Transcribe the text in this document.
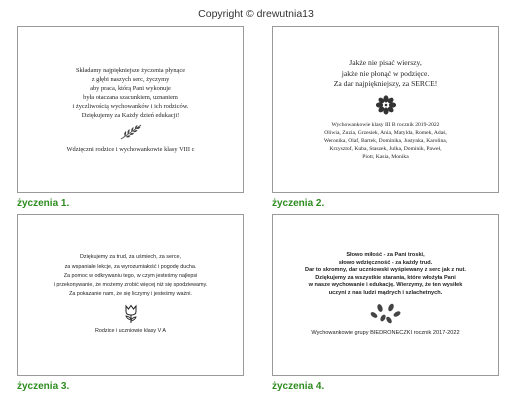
Copyright © drewutnia13
Składamy najpiękniejsze życzenia płynące
z głębi naszych serc, życzymy
aby praca, którą Pani wykonuje
była otaczana szacunkiem, uznaniem
i życzliwością wychowanków i ich rodziców.
Dziękujemy za Każdy dzień edukacji!
Wdzięczni rodzice i wychowankowie klasy VIII c
życzenia 1.
Jakże nie pisać wierszy,
jakże nie płonąć w podzięce.
Za dar najpiękniejszy, za SERCE!
Wychowankowie klasy III B rocznik 2019-2022
Oliwia, Zuzia, Grzesiek, Ania, Matylda, Romek, Adaś,
Weronika, Olaf, Bartek, Dominika, Justynka, Karolina,
Krzysztof, Kuba, Staszek, Julka, Dominik, Paweł,
Piotr, Kasia, Monika
życzenia 2.
Dziękujemy za trud, za uśmiech, za serce,
za wspaniałe lekcje, za wyrozumiałość i pogodę ducha.
Za pomoc w odkrywaniu tego, w czym jesteśmy najlepsi
i przekonywanie, że możemy zrobić więcej niż się spodziewamy.
Za pokazanie nam, że się liczymy i jesteśmy ważni.
Rodzice i uczniowie klasy V A
życzenia 3.
Słowo miłość - za Pani troski,
słowo wdzięczność - za każdy trud.
Dar to skromny, dar uczniowski wyśpiewany z serc jak z nut.
Dziękujemy za wszystkie starania, które włożyła Pani
w nasze wychowanie i edukację. Wierzymy, że ten wysiłek
uczyni z nas ludzi mądrych i szlachetnych.
Wychowankowie grupy BIEDRONECZKI rocznik 2017-2022
życzenia 4.
